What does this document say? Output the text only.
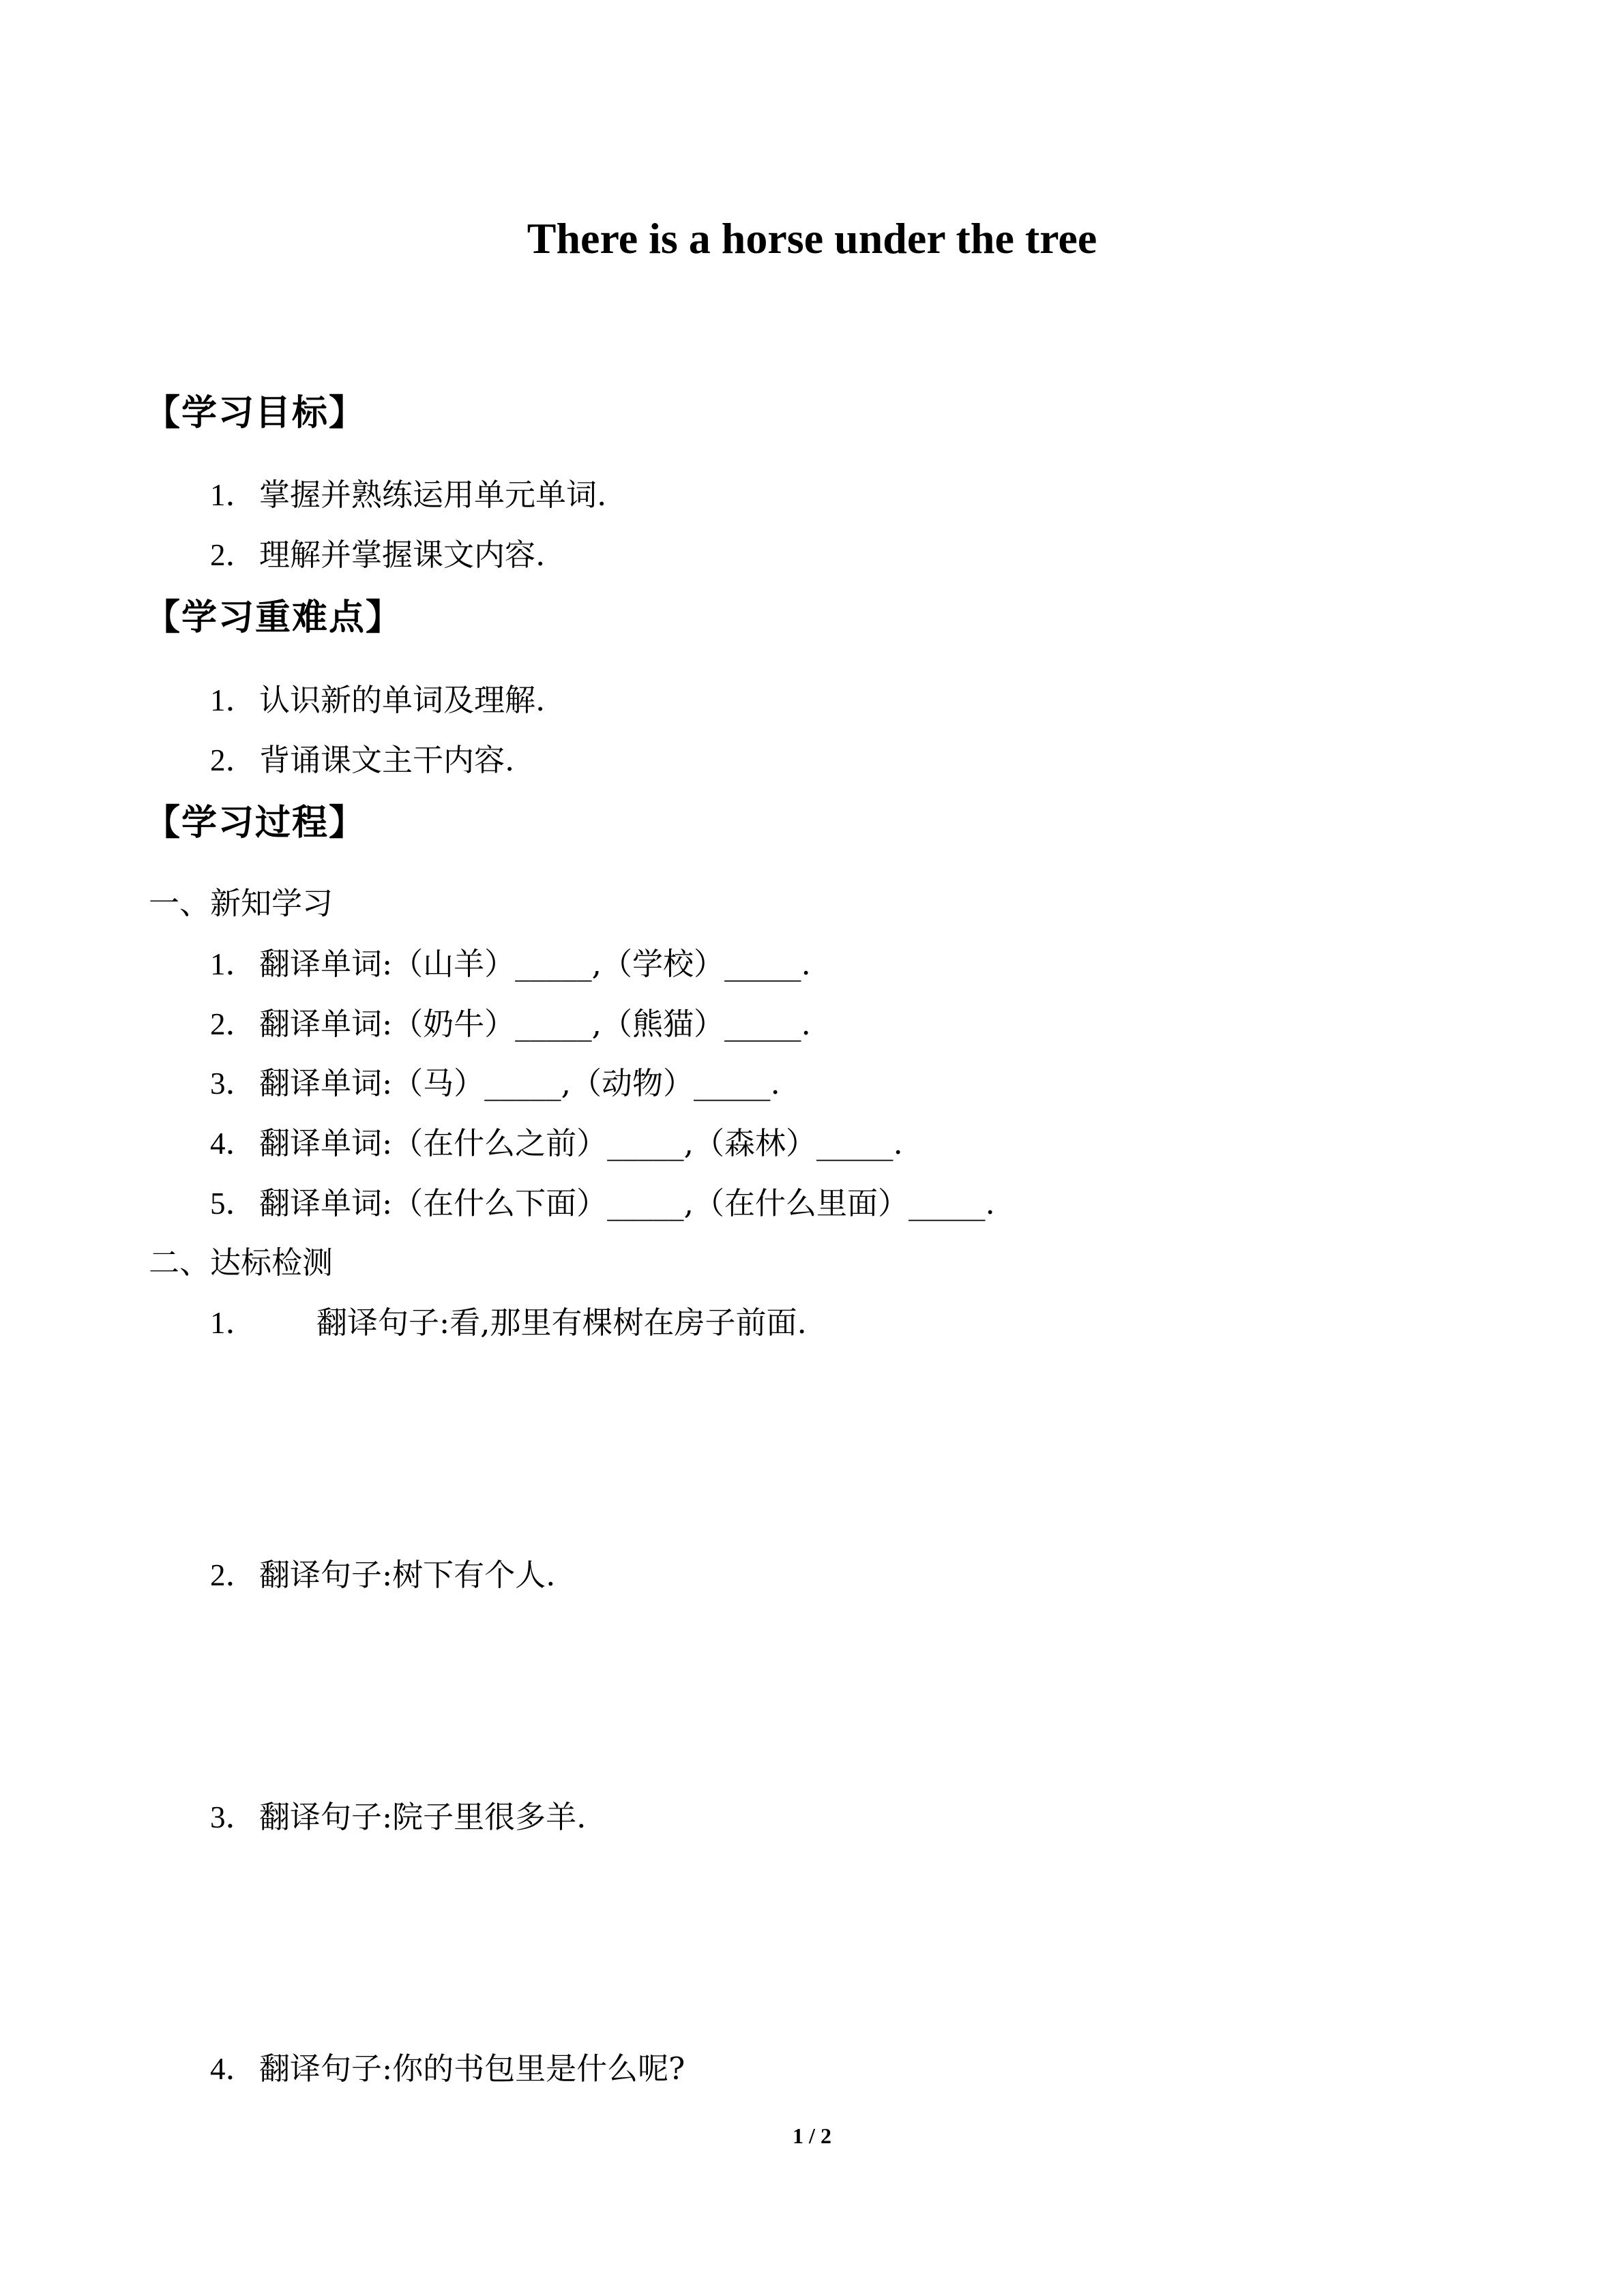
There is a horse under the tree
【学习目标】
1．掌握并熟练运用单元单词.
2．理解并掌握课文内容.
【学习重难点】
1．认识新的单词及理解.
2．背诵课文主干内容.
【学习过程】
一、新知学习
1．翻译单词:（山羊）_____,（学校）_____.
2．翻译单词:（奶牛）_____,（熊猫）_____.
3．翻译单词:（马）_____,（动物）_____.
4．翻译单词:（在什么之前）_____,（森林）_____.
5．翻译单词:（在什么下面）_____,（在什么里面）_____.
二、达标检测
1． 翻译句子:看,那里有棵树在房子前面.
2．翻译句子:树下有个人.
3．翻译句子:院子里很多羊.
4．翻译句子:你的书包里是什么呢?
1 / 2
